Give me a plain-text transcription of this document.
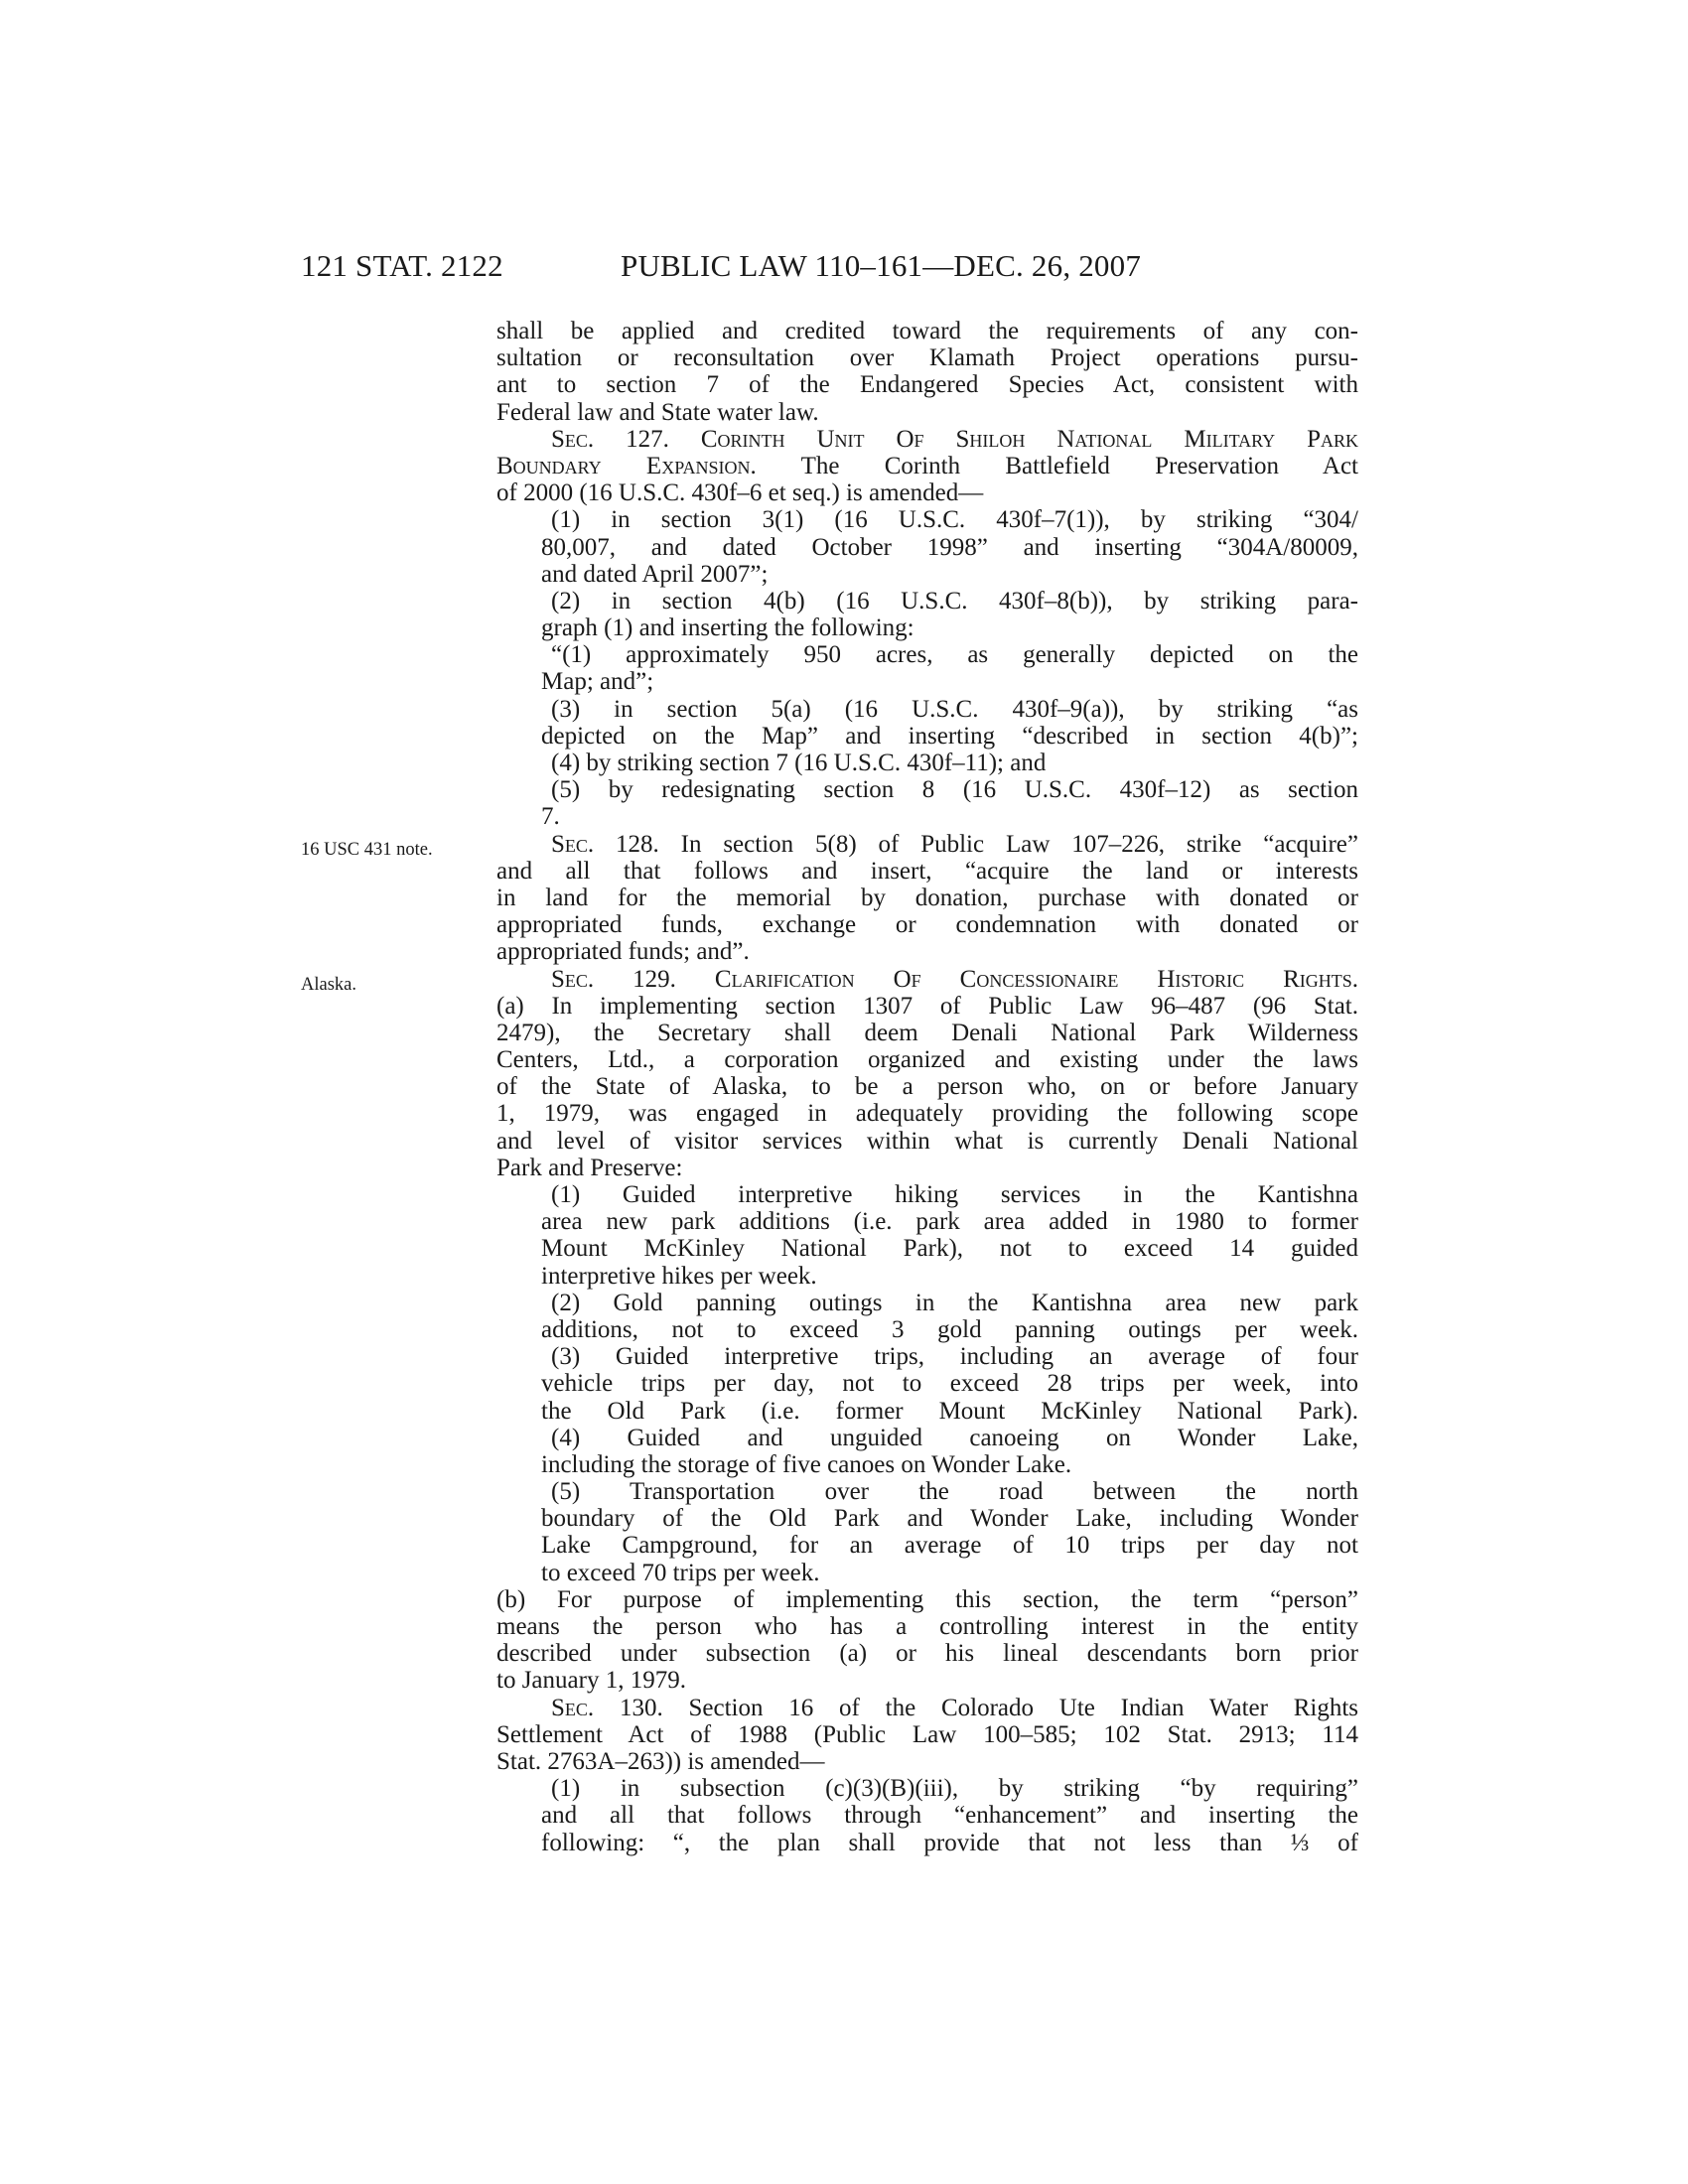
121 STAT. 2122	PUBLIC LAW 110–161—DEC. 26, 2007
16 USC 431 note.
Alaska.
shall be applied and credited toward the requirements of any con-
sultation or reconsultation over Klamath Project operations pursu-
ant to section 7 of the Endangered Species Act, consistent with
Federal law and State water law.
Sec. 127. Corinth Unit Of Shiloh National Military Park
Boundary Expansion. The Corinth Battlefield Preservation Act
of 2000 (16 U.S.C. 430f–6 et seq.) is amended—
(1) in section 3(1) (16 U.S.C. 430f–7(1)), by striking “304/
80,007, and dated October 1998” and inserting “304A/80009,
and dated April 2007”;
(2) in section 4(b) (16 U.S.C. 430f–8(b)), by striking para-
graph (1) and inserting the following:
“(1) approximately 950 acres, as generally depicted on the
Map; and”;
(3) in section 5(a) (16 U.S.C. 430f–9(a)), by striking “as
depicted on the Map” and inserting “described in section 4(b)”;
(4) by striking section 7 (16 U.S.C. 430f–11); and
(5) by redesignating section 8 (16 U.S.C. 430f–12) as section
7.
Sec. 128. In section 5(8) of Public Law 107–226, strike “acquire”
and all that follows and insert, “acquire the land or interests
in land for the memorial by donation, purchase with donated or
appropriated funds, exchange or condemnation with donated or
appropriated funds; and”.
Sec. 129. Clarification Of Concessionaire Historic Rights.
(a) In implementing section 1307 of Public Law 96–487 (96 Stat.
2479), the Secretary shall deem Denali National Park Wilderness
Centers, Ltd., a corporation organized and existing under the laws
of the State of Alaska, to be a person who, on or before January
1, 1979, was engaged in adequately providing the following scope
and level of visitor services within what is currently Denali National
Park and Preserve:
(1) Guided interpretive hiking services in the Kantishna
area new park additions (i.e. park area added in 1980 to former
Mount McKinley National Park), not to exceed 14 guided
interpretive hikes per week.
(2) Gold panning outings in the Kantishna area new park
additions, not to exceed 3 gold panning outings per week.
(3) Guided interpretive trips, including an average of four
vehicle trips per day, not to exceed 28 trips per week, into
the Old Park (i.e. former Mount McKinley National Park).
(4) Guided and unguided canoeing on Wonder Lake,
including the storage of five canoes on Wonder Lake.
(5) Transportation over the road between the north
boundary of the Old Park and Wonder Lake, including Wonder
Lake Campground, for an average of 10 trips per day not
to exceed 70 trips per week.
(b) For purpose of implementing this section, the term “person”
means the person who has a controlling interest in the entity
described under subsection (a) or his lineal descendants born prior
to January 1, 1979.
Sec. 130. Section 16 of the Colorado Ute Indian Water Rights
Settlement Act of 1988 (Public Law 100–585; 102 Stat. 2913; 114
Stat. 2763A–263)) is amended—
(1) in subsection (c)(3)(B)(iii), by striking “by requiring”
and all that follows through “enhancement” and inserting the
following: “, the plan shall provide that not less than ⅓ of
